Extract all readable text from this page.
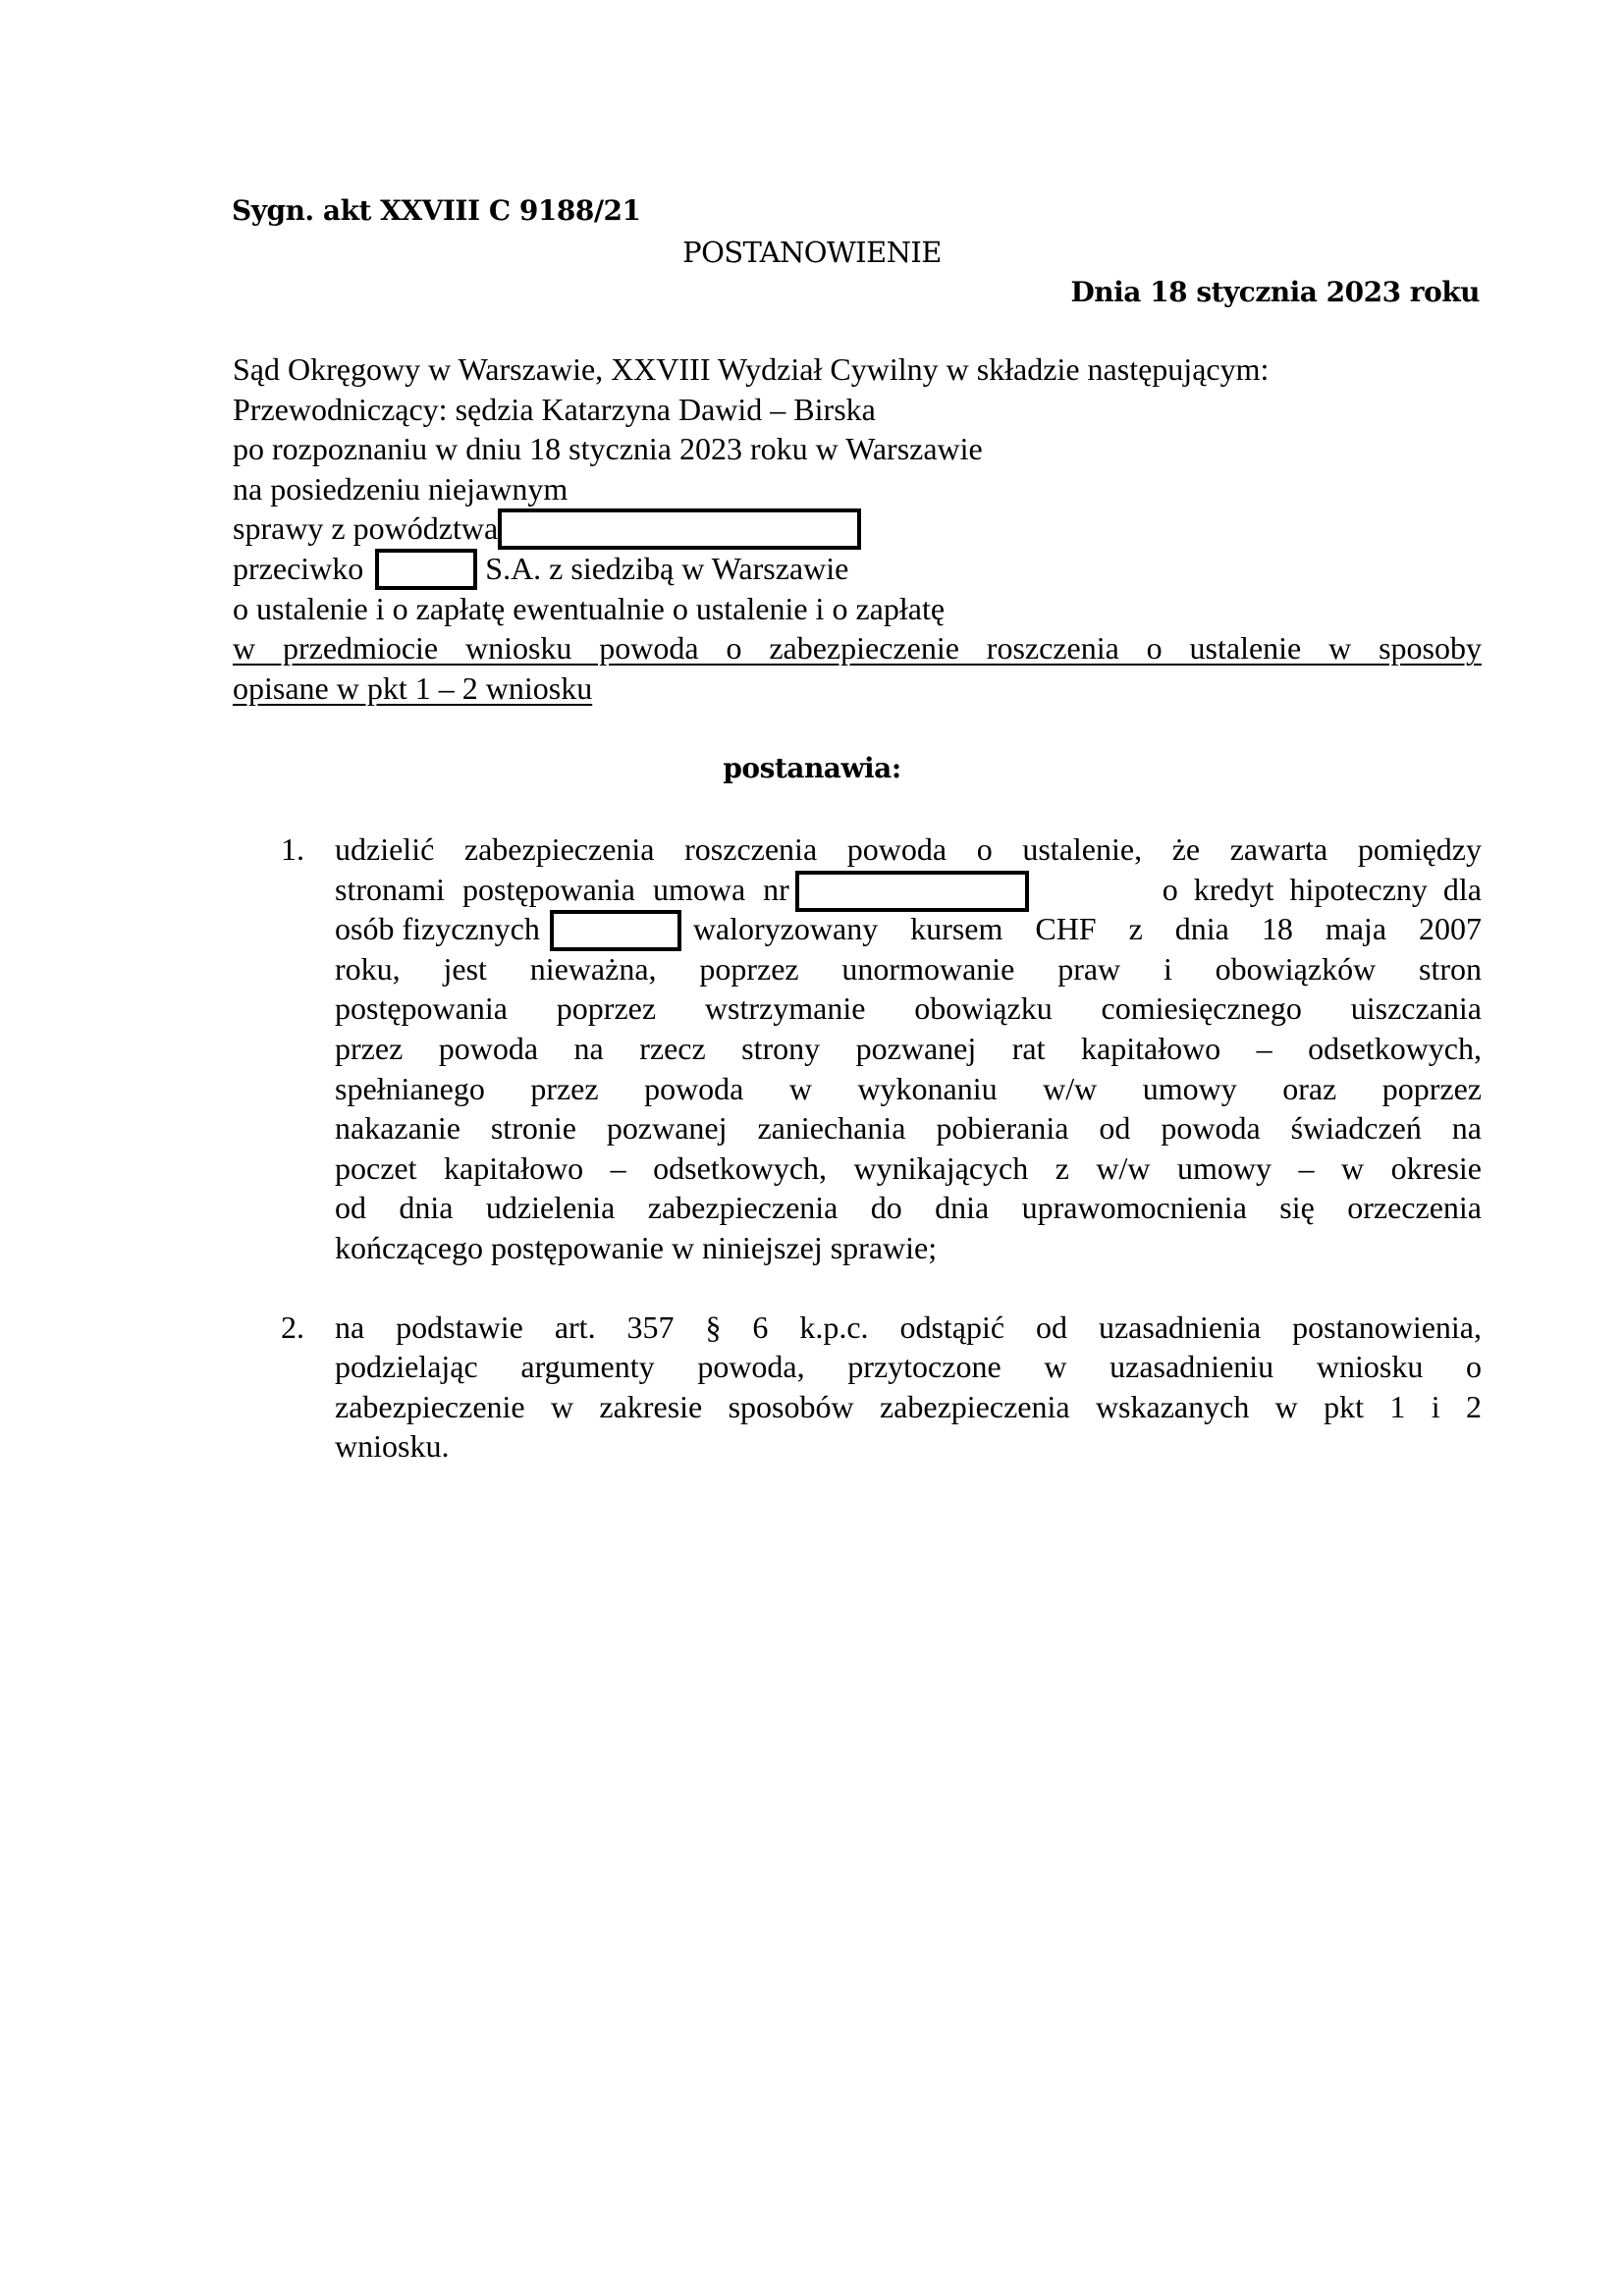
Sygn. akt XXVIII C 9188/21
POSTANOWIENIE
Dnia 18 stycznia 2023 roku
Sąd Okręgowy w Warszawie, XXVIII Wydział Cywilny w składzie następującym:
Przewodniczący: sędzia Katarzyna Dawid – Birska
po rozpoznaniu w dniu 18 stycznia 2023 roku w Warszawie
na posiedzeniu niejawnym
sprawy z powództwa
przeciwko	S.A. z siedzibą w Warszawie
o ustalenie i o zapłatę ewentualnie o ustalenie i o zapłatę
w przedmiocie wniosku powoda o zabezpieczenie roszczenia o ustalenie w sposoby
opisane w pkt 1 – 2 wniosku
postanawia:
1. udzielić zabezpieczenia roszczenia powoda o ustalenie, że zawarta pomiędzy
stronami postępowania umowa nr	o kredyt hipoteczny dla
osób fizycznych	waloryzowany kursem CHF z dnia 18 maja 2007
roku, jest nieważna, poprzez unormowanie praw i obowiązków stron
postępowania poprzez wstrzymanie obowiązku comiesięcznego uiszczania
przez powoda na rzecz strony pozwanej rat kapitałowo – odsetkowych,
spełnianego przez powoda w wykonaniu w/w umowy oraz poprzez
nakazanie stronie pozwanej zaniechania pobierania od powoda świadczeń na
poczet kapitałowo – odsetkowych, wynikających z w/w umowy – w okresie
od dnia udzielenia zabezpieczenia do dnia uprawomocnienia się orzeczenia
kończącego postępowanie w niniejszej sprawie;
2. na podstawie art. 357 § 6 k.p.c. odstąpić od uzasadnienia postanowienia,
podzielając argumenty powoda, przytoczone w uzasadnieniu wniosku o
zabezpieczenie w zakresie sposobów zabezpieczenia wskazanych w pkt 1 i 2
wniosku.
